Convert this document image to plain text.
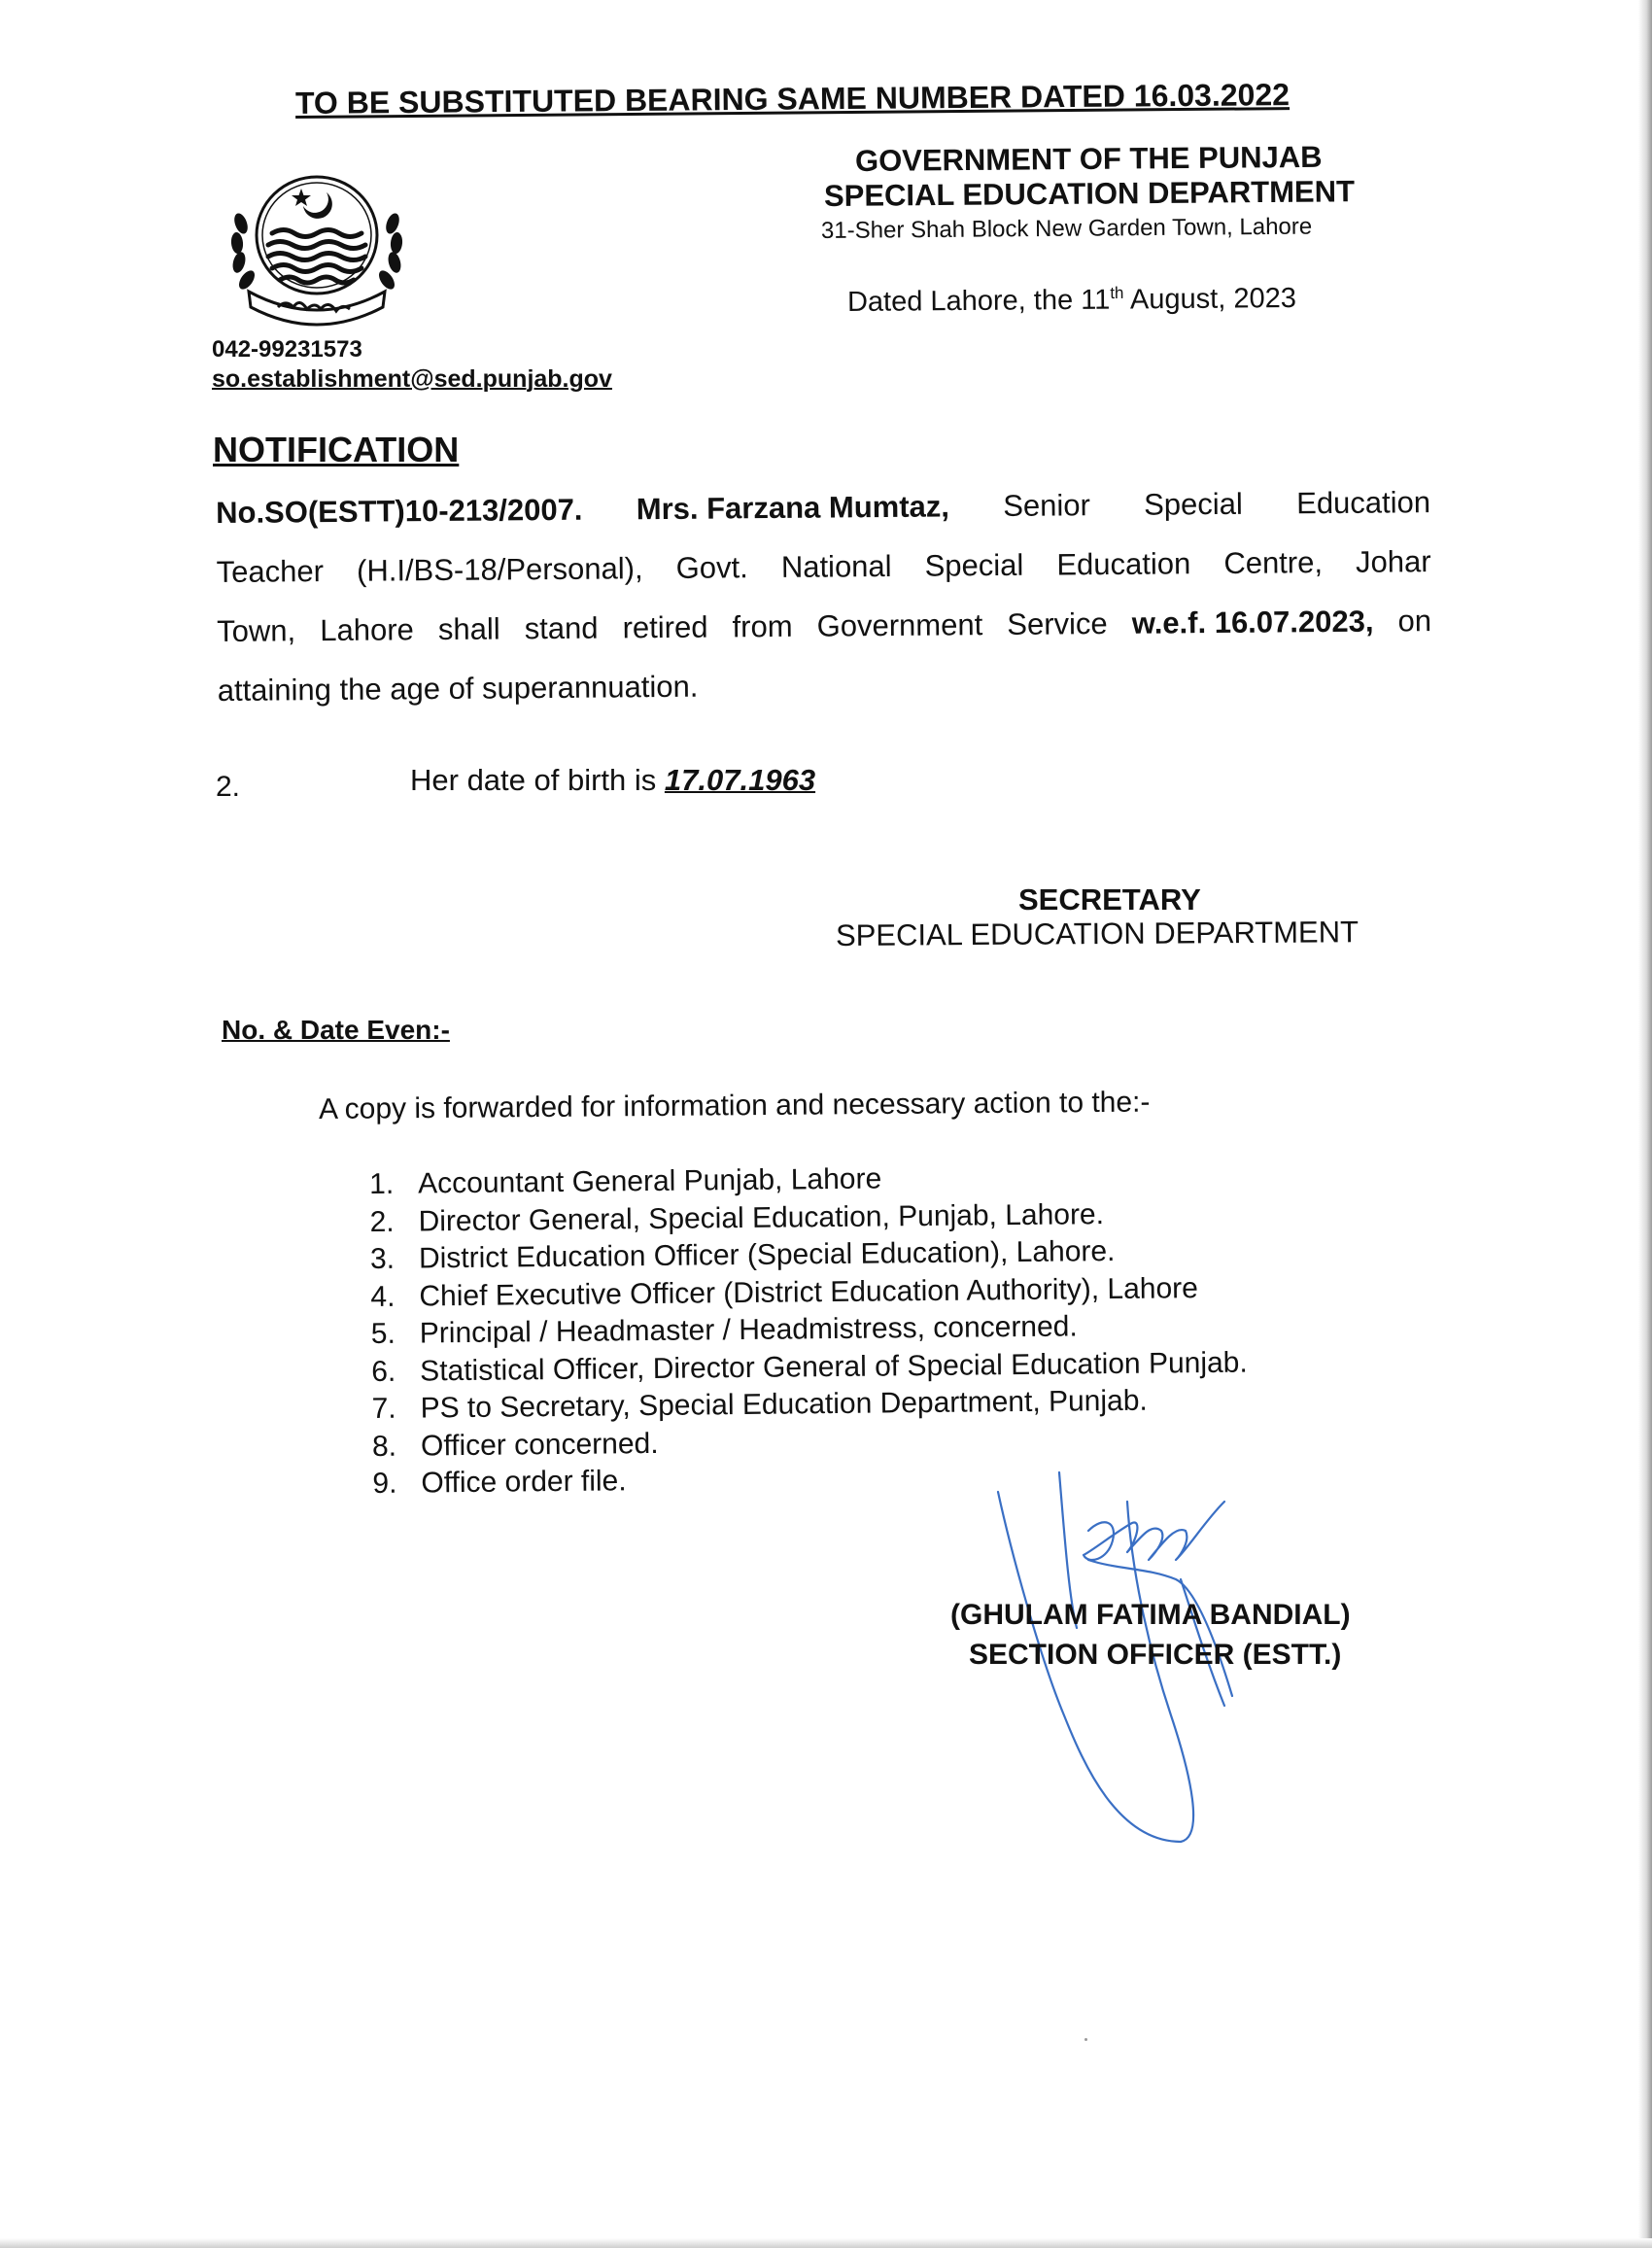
TO BE SUBSTITUTED BEARING SAME NUMBER DATED 16.03.2022
GOVERNMENT OF THE PUNJAB
SPECIAL EDUCATION DEPARTMENT
31-Sher Shah Block New Garden Town, Lahore
Dated Lahore, the 11th August, 2023
042-99231573
so.establishment@sed.punjab.gov
NOTIFICATION
No.SO(ESTT)10-213/2007. Mrs. Farzana Mumtaz, Senior Special Education
Teacher (H.I/BS-18/Personal), Govt. National Special Education Centre, Johar
Town, Lahore shall stand retired from Government Service w.e.f. 16.07.2023, on
attaining the age of superannuation.
2.	Her date of birth is 17.07.1963
SECRETARY
SPECIAL EDUCATION DEPARTMENT
No. & Date Even:-
A copy is forwarded for information and necessary action to the:-
1. Accountant General Punjab, Lahore
2. Director General, Special Education, Punjab, Lahore.
3. District Education Officer (Special Education), Lahore.
4. Chief Executive Officer (District Education Authority), Lahore
5. Principal / Headmaster / Headmistress, concerned.
6. Statistical Officer, Director General of Special Education Punjab.
7. PS to Secretary, Special Education Department, Punjab.
8. Officer concerned.
9. Office order file.
(GHULAM FATIMA BANDIAL)
SECTION OFFICER (ESTT.)
